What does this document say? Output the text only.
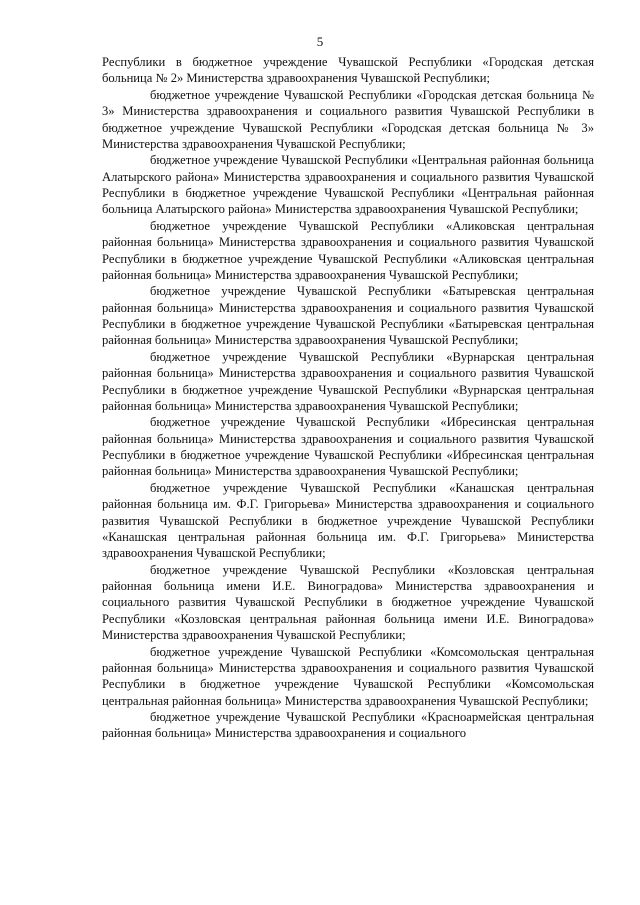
5

Республики в бюджетное учреждение Чувашской Республики «Городская детская больница № 2» Министерства здравоохранения Чувашской Республики;

бюджетное учреждение Чувашской Республики «Городская детская больница № 3» Министерства здравоохранения и социального развития Чувашской Республики в бюджетное учреждение Чувашской Республики «Городская детская больница № 3» Министерства здравоохранения Чувашской Республики;

бюджетное учреждение Чувашской Республики «Центральная районная больница Алатырского района» Министерства здравоохранения и социального развития Чувашской Республики в бюджетное учреждение Чувашской Республики «Центральная районная больница Алатырского района» Министерства здравоохранения Чувашской Республики;

бюджетное учреждение Чувашской Республики «Аликовская центральная районная больница» Министерства здравоохранения и социального развития Чувашской Республики в бюджетное учреждение Чувашской Республики «Аликовская центральная районная больница» Министерства здравоохранения Чувашской Республики;

бюджетное учреждение Чувашской Республики «Батыревская центральная районная больница» Министерства здравоохранения и социального развития Чувашской Республики в бюджетное учреждение Чувашской Республики «Батыревская центральная районная больница» Министерства здравоохранения Чувашской Республики;

бюджетное учреждение Чувашской Республики «Вурнарская центральная районная больница» Министерства здравоохранения и социального развития Чувашской Республики в бюджетное учреждение Чувашской Республики «Вурнарская центральная районная больница» Министерства здравоохранения Чувашской Республики;

бюджетное учреждение Чувашской Республики «Ибресинская центральная районная больница» Министерства здравоохранения и социального развития Чувашской Республики в бюджетное учреждение Чувашской Республики «Ибресинская центральная районная больница» Министерства здравоохранения Чувашской Республики;

бюджетное учреждение Чувашской Республики «Канашская центральная районная больница им. Ф.Г. Григорьева» Министерства здравоохранения и социального развития Чувашской Республики в бюджетное учреждение Чувашской Республики «Канашская центральная районная больница им. Ф.Г. Григорьева» Министерства здравоохранения Чувашской Республики;

бюджетное учреждение Чувашской Республики «Козловская центральная районная больница имени И.Е. Виноградова» Министерства здравоохранения и социального развития Чувашской Республики в бюджетное учреждение Чувашской Республики «Козловская центральная районная больница имени И.Е. Виноградова» Министерства здравоохранения Чувашской Республики;

бюджетное учреждение Чувашской Республики «Комсомольская центральная районная больница» Министерства здравоохранения и социального развития Чувашской Республики в бюджетное учреждение Чувашской Республики «Комсомольская центральная районная больница» Министерства здравоохранения Чувашской Республики;

бюджетное учреждение Чувашской Республики «Красноармейская центральная районная больница» Министерства здравоохранения и социального
